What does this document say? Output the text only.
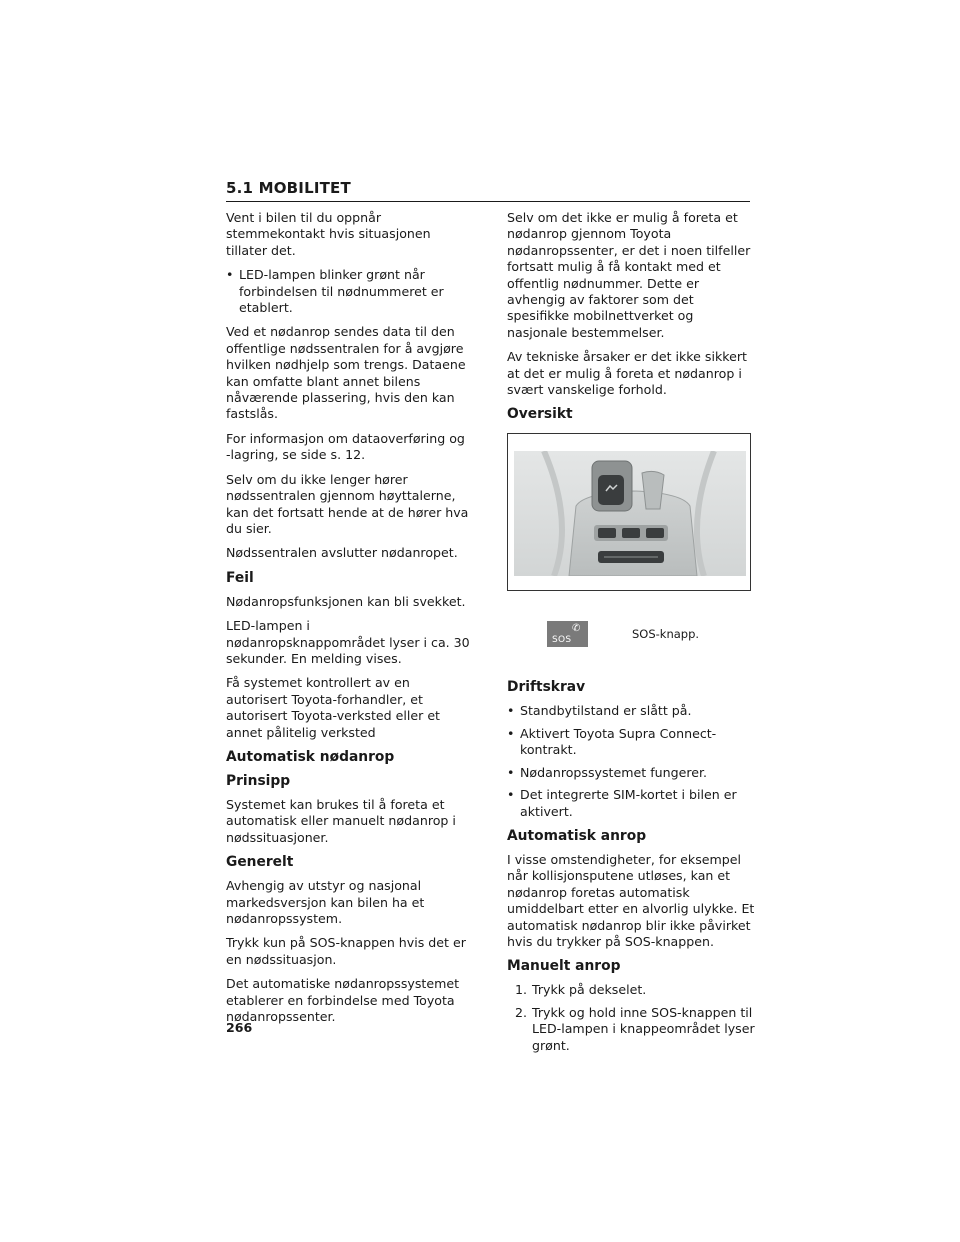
5.1 MOBILITET

Vent i bilen til du oppnår stemmekontakt hvis situasjonen tillater det.

• LED-lampen blinker grønt når forbindelsen til nødnummeret er etablert.

Ved et nødanrop sendes data til den offentlige nødssentralen for å avgjøre hvilken nødhjelp som trengs. Dataene kan omfatte blant annet bilens nåværende plassering, hvis den kan fastslås.

For informasjon om dataoverføring og -lagring, se side s. 12.

Selv om du ikke lenger hører nødssentralen gjennom høyttalerne, kan det fortsatt hende at de hører hva du sier.

Nødssentralen avslutter nødanropet.

Feil

Nødanropsfunksjonen kan bli svekket.

LED-lampen i nødanropsknappområdet lyser i ca. 30 sekunder. En melding vises.

Få systemet kontrollert av en autorisert Toyota-forhandler, et autorisert Toyota-verksted eller et annet pålitelig verksted

Automatisk nødanrop
Prinsipp

Systemet kan brukes til å foreta et automatisk eller manuelt nødanrop i nødssituasjoner.

Generelt

Avhengig av utstyr og nasjonal markedsversjon kan bilen ha et nødanropssystem.

Trykk kun på SOS-knappen hvis det er en nødssituasjon.

Det automatiske nødanropssystemet etablerer en forbindelse med Toyota nødanropssenter.

Selv om det ikke er mulig å foreta et nødanrop gjennom Toyota nødanropssenter, er det i noen tilfeller fortsatt mulig å få kontakt med et offentlig nødnummer. Dette er avhengig av faktorer som det spesifikke mobilnettverket og nasjonale bestemmelser.

Av tekniske årsaker er det ikke sikkert at det er mulig å foreta et nødanrop i svært vanskelige forhold.

Oversikt
✆
SOS	SOS-knapp.
Driftskrav
• Standbytilstand er slått på.
• Aktivert Toyota Supra Connect-kontrakt.
• Nødanropssystemet fungerer.
• Det integrerte SIM-kortet i bilen er aktivert.
Automatisk anrop

I visse omstendigheter, for eksempel når kollisjonsputene utløses, kan et nødanrop foretas automatisk umiddelbart etter en alvorlig ulykke. Et automatisk nødanrop blir ikke påvirket hvis du trykker på SOS-knappen.

Manuelt anrop
1. Trykk på dekselet.
2. Trykk og hold inne SOS-knappen til LED-lampen i knappeområdet lyser grønt.
266
